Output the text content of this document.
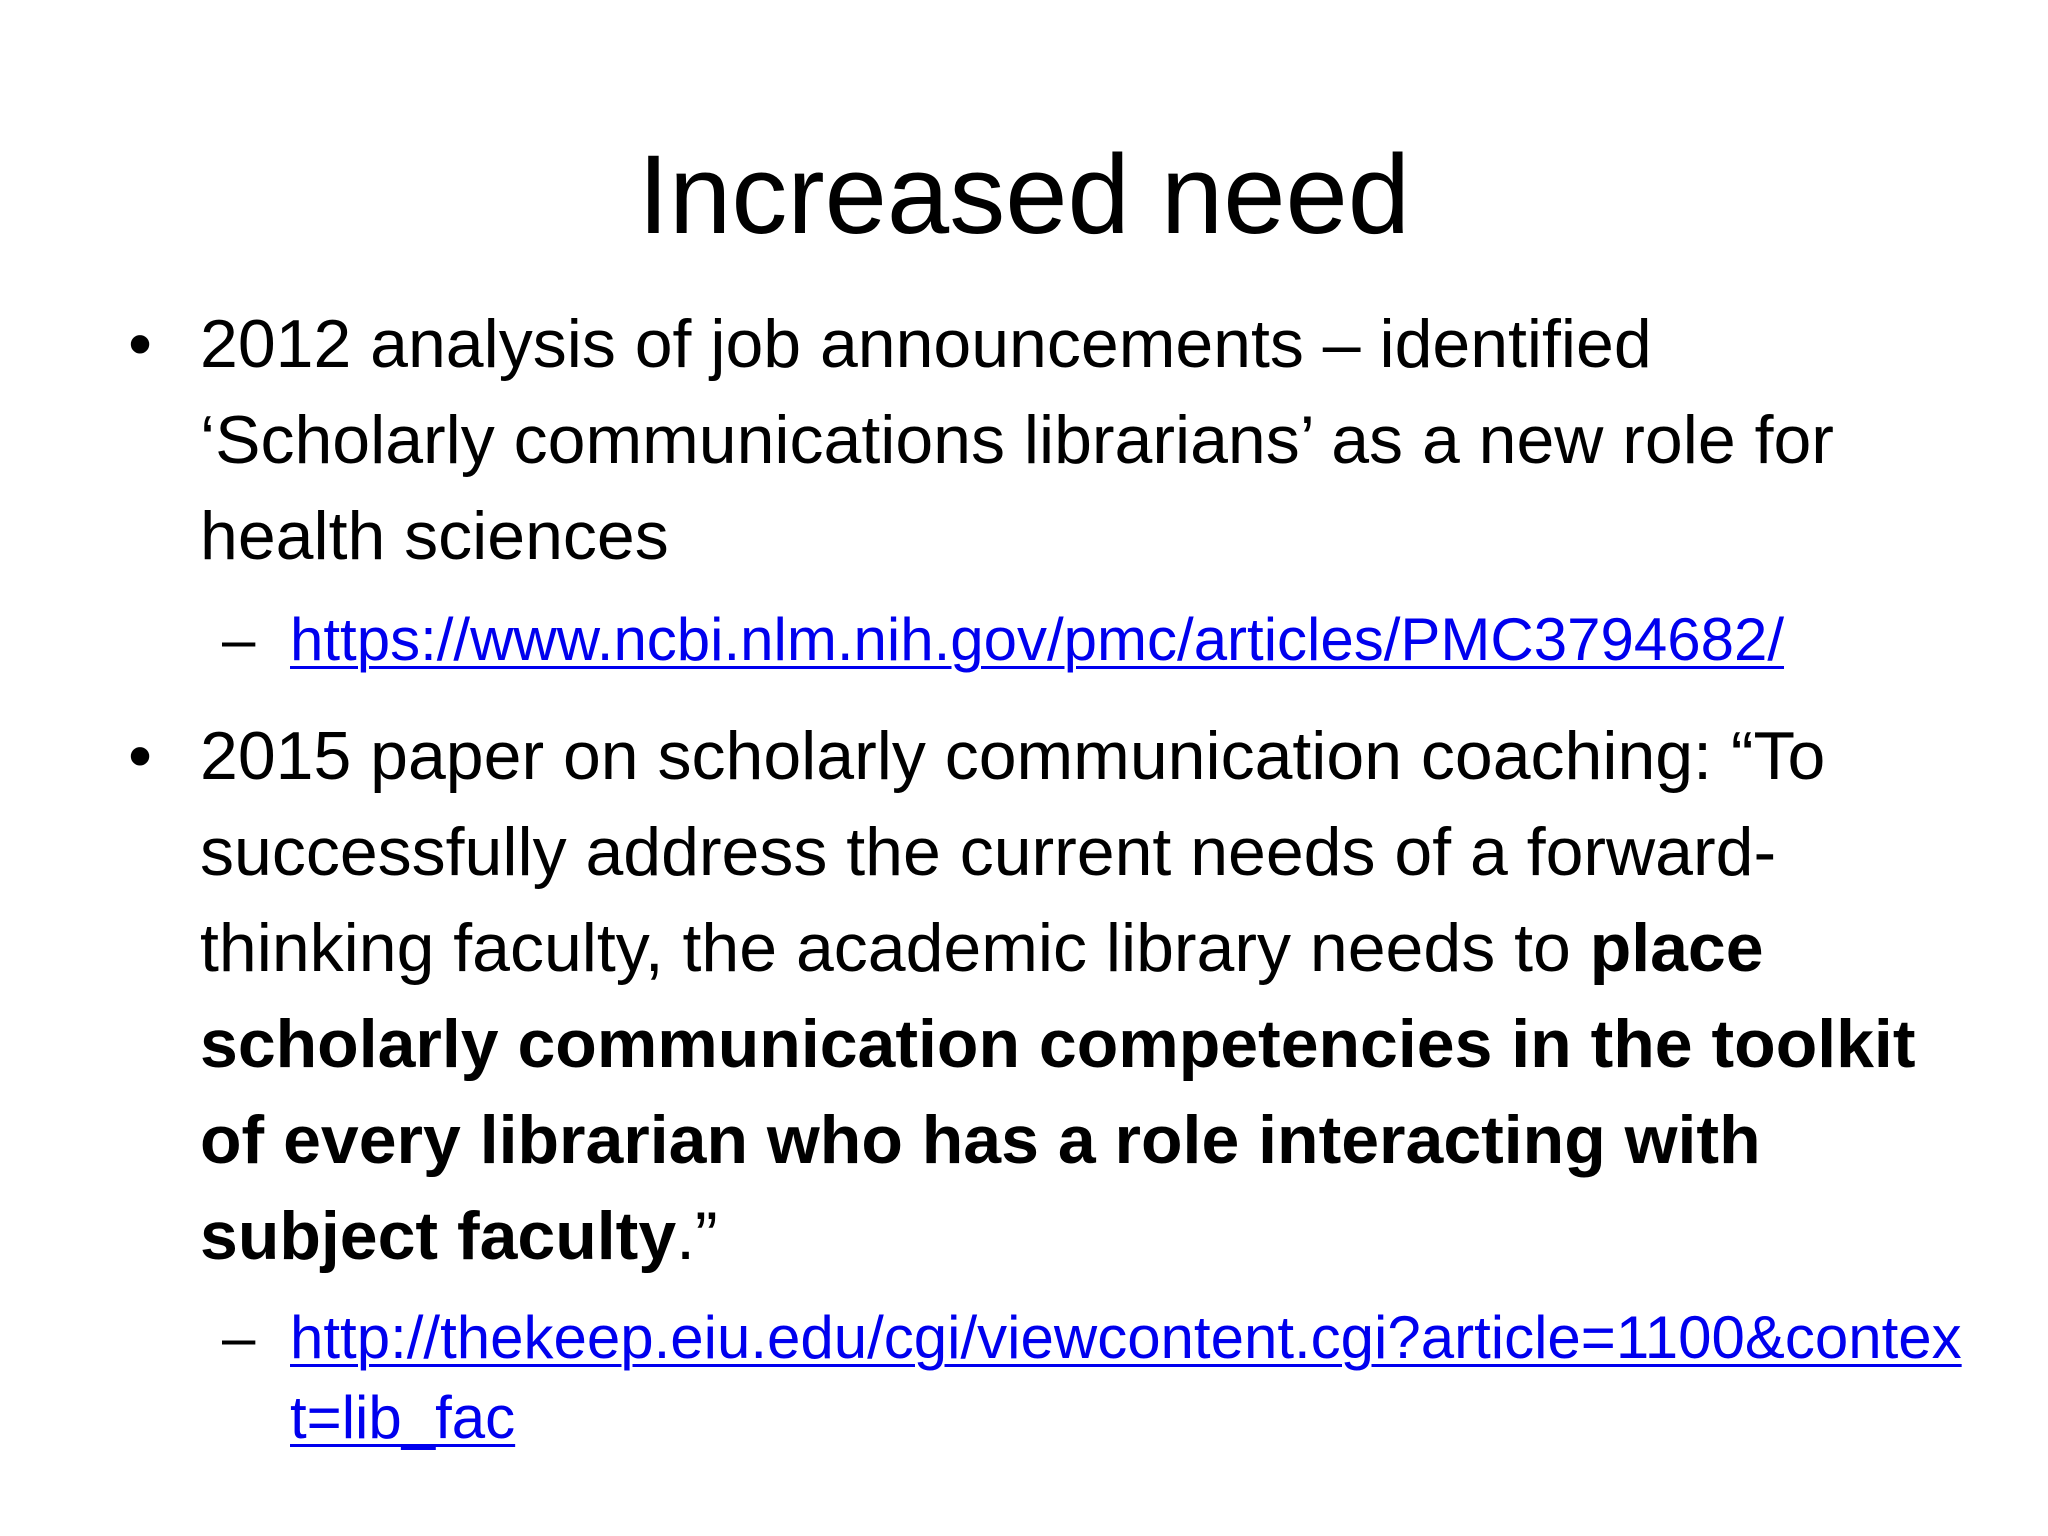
Increased need
• 2012 analysis of job announcements – identified ‘Scholarly communications librarians’ as a new role for health sciences
– https://www.ncbi.nlm.nih.gov/pmc/articles/PMC3794682/
• 2015 paper on scholarly communication coaching: “To successfully address the current needs of a forward-thinking faculty, the academic library needs to place scholarly communication competencies in the toolkit of every librarian who has a role interacting with subject faculty.”
– http://thekeep.eiu.edu/cgi/viewcontent.cgi?article=1100&context=lib_fac
